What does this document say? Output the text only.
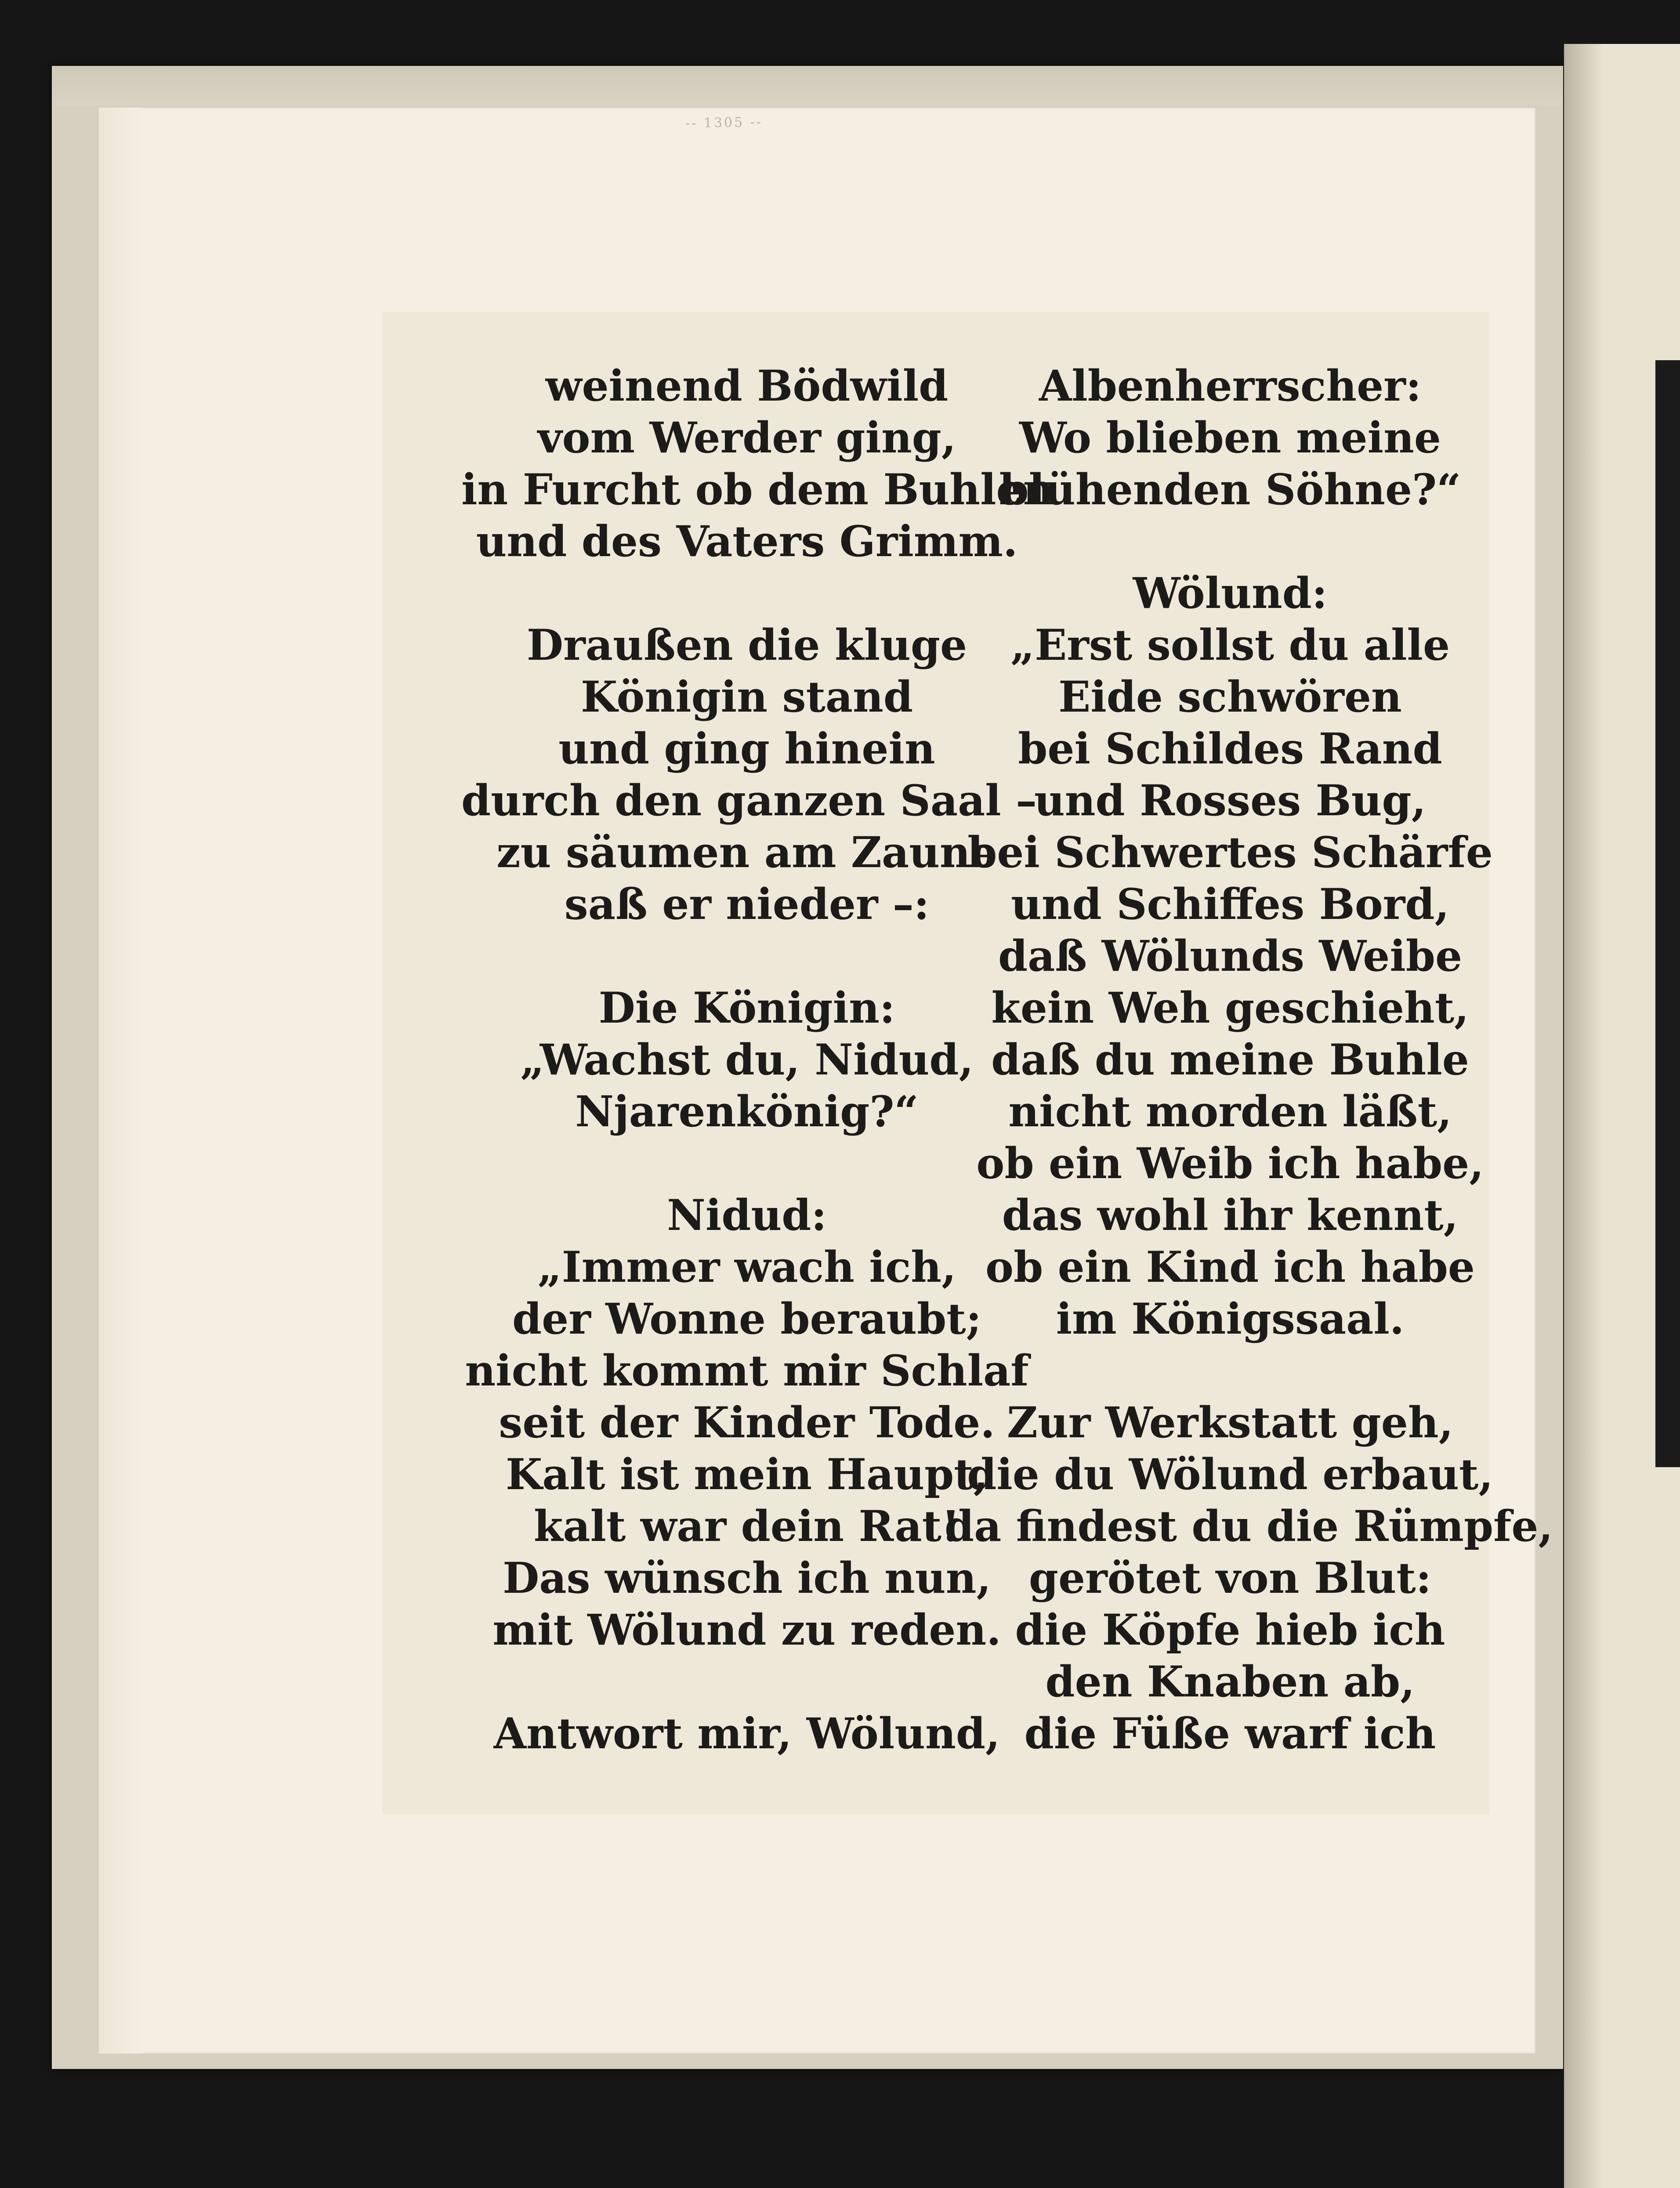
-- 1305 --
weinend Bödwild
vom Werder ging,
in Furcht ob dem Buhlen
und des Vaters Grimm.
Draußen die kluge
Königin stand
und ging hinein
durch den ganzen Saal –
zu säumen am Zaune
saß er nieder –:
Die Königin:
„Wachst du, Nidud,
Njarenkönig?“
Nidud:
„Immer wach ich,
der Wonne beraubt;
nicht kommt mir Schlaf
seit der Kinder Tode.
Kalt ist mein Haupt,
kalt war dein Rat!
Das wünsch ich nun,
mit Wölund zu reden.
Antwort mir, Wölund,
Albenherrscher:
Wo blieben meine
blühenden Söhne?“
Wölund:
„Erst sollst du alle
Eide schwören
bei Schildes Rand
und Rosses Bug,
bei Schwertes Schärfe
und Schiffes Bord,
daß Wölunds Weibe
kein Weh geschieht,
daß du meine Buhle
nicht morden läßt,
ob ein Weib ich habe,
das wohl ihr kennt,
ob ein Kind ich habe
im Königssaal.
Zur Werkstatt geh,
die du Wölund erbaut,
da findest du die Rümpfe,
gerötet von Blut:
die Köpfe hieb ich
den Knaben ab,
die Füße warf ich
